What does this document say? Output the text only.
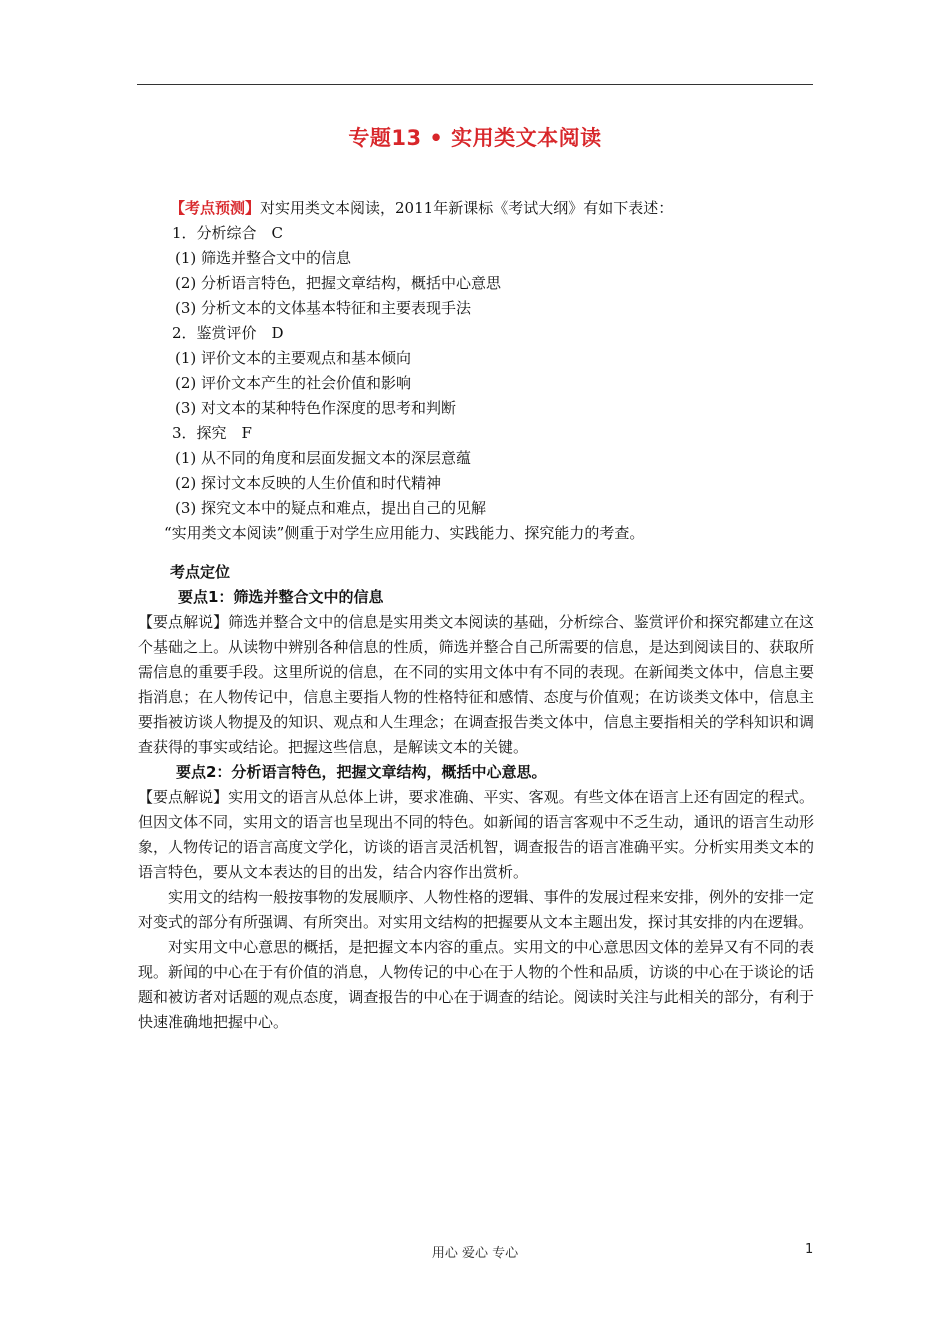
专题13 • 实用类文本阅读
【考点预测】对实用类文本阅读，2011年新课标《考试大纲》有如下表述：
1．分析综合　C
(1) 筛选并整合文中的信息
(2) 分析语言特色，把握文章结构，概括中心意思
(3) 分析文本的文体基本特征和主要表现手法
2．鉴赏评价　D
(1) 评价文本的主要观点和基本倾向
(2) 评价文本产生的社会价值和影响
(3) 对文本的某种特色作深度的思考和判断
3．探究　F
(1) 从不同的角度和层面发掘文本的深层意蕴
(2) 探讨文本反映的人生价值和时代精神
(3) 探究文本中的疑点和难点，提出自己的见解
“实用类文本阅读”侧重于对学生应用能力、实践能力、探究能力的考查。
考点定位
要点1：筛选并整合文中的信息

【要点解说】筛选并整合文中的信息是实用类文本阅读的基础，分析综合、鉴赏评价和探究都建立在这个基础之上。从读物中辨别各种信息的性质，筛选并整合自己所需要的信息，是达到阅读目的、获取所需信息的重要手段。这里所说的信息，在不同的实用文体中有不同的表现。在新闻类文体中，信息主要指消息；在人物传记中，信息主要指人物的性格特征和感情、态度与价值观；在访谈类文体中，信息主要指被访谈人物提及的知识、观点和人生理念；在调查报告类文体中，信息主要指相关的学科知识和调查获得的事实或结论。把握这些信息，是解读文本的关键。

要点2：分析语言特色，把握文章结构，概括中心意思。

【要点解说】实用文的语言从总体上讲，要求准确、平实、客观。有些文体在语言上还有固定的程式。但因文体不同，实用文的语言也呈现出不同的特色。如新闻的语言客观中不乏生动，通讯的语言生动形象，人物传记的语言高度文学化，访谈的语言灵活机智，调查报告的语言准确平实。分析实用类文本的语言特色，要从文本表达的目的出发，结合内容作出赏析。

实用文的结构一般按事物的发展顺序、人物性格的逻辑、事件的发展过程来安排，例外的安排一定对变式的部分有所强调、有所突出。对实用文结构的把握要从文本主题出发，探讨其安排的内在逻辑。

对实用文中心意思的概括，是把握文本内容的重点。实用文的中心意思因文体的差异又有不同的表现。新闻的中心在于有价值的消息，人物传记的中心在于人物的个性和品质，访谈的中心在于谈论的话题和被访者对话题的观点态度，调查报告的中心在于调查的结论。阅读时关注与此相关的部分，有利于快速准确地把握中心。

用心 爱心 专心	1
